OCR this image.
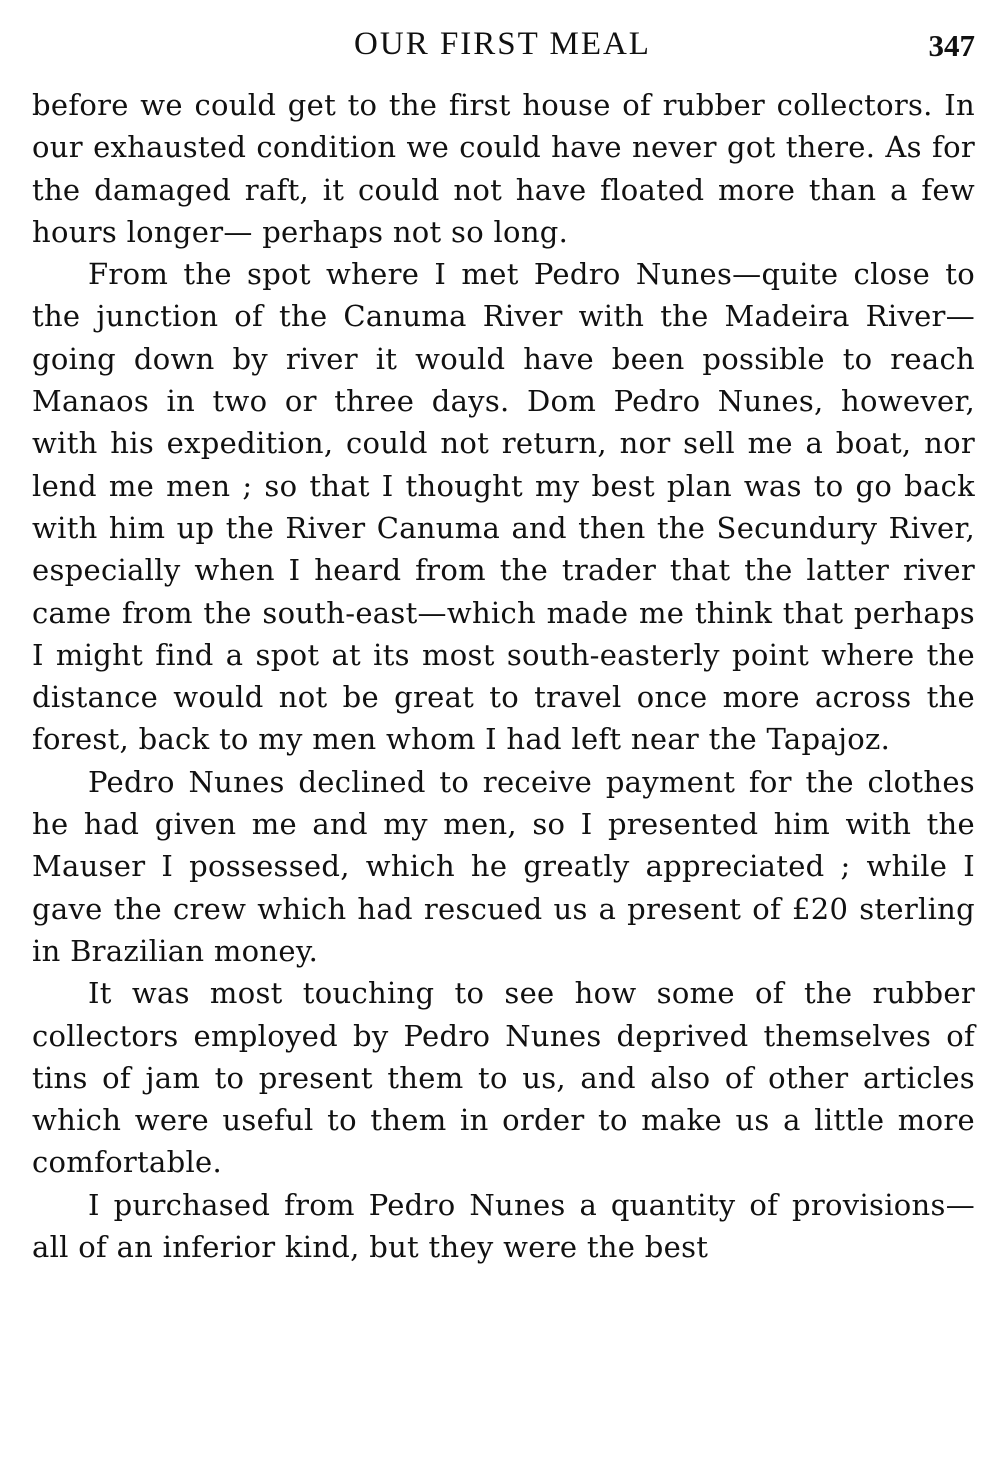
OUR FIRST MEAL	347

before we could get to the first house of rubber collectors. In our exhausted condition we could have never got there. As for the damaged raft, it could not have floated more than a few hours longer— perhaps not so long.

From the spot where I met Pedro Nunes—quite close to the junction of the Canuma River with the Madeira River—going down by river it would have been possible to reach Manaos in two or three days. Dom Pedro Nunes, however, with his expedition, could not return, nor sell me a boat, nor lend me men ; so that I thought my best plan was to go back with him up the River Canuma and then the Secundury River, especially when I heard from the trader that the latter river came from the south-east—which made me think that perhaps I might find a spot at its most south-easterly point where the distance would not be great to travel once more across the forest, back to my men whom I had left near the Tapajoz.

Pedro Nunes declined to receive payment for the clothes he had given me and my men, so I presented him with the Mauser I possessed, which he greatly appreciated ; while I gave the crew which had rescued us a present of £20 sterling in Brazilian money.

It was most touching to see how some of the rubber collectors employed by Pedro Nunes deprived themselves of tins of jam to present them to us, and also of other articles which were useful to them in order to make us a little more comfortable.

I purchased from Pedro Nunes a quantity of provisions—all of an inferior kind, but they were the best
